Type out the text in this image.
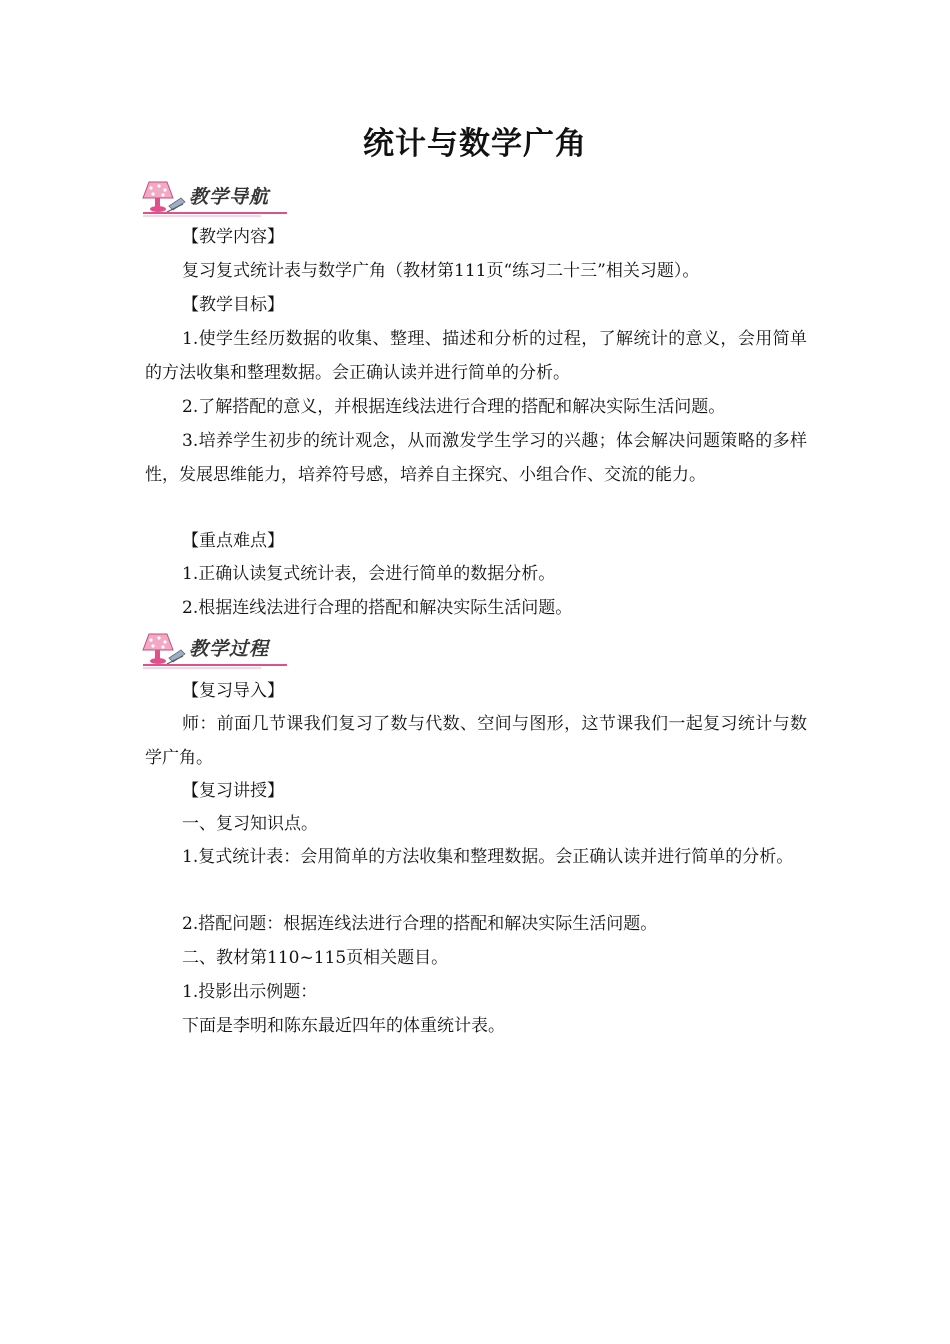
统计与数学广角
教学导航
【教学内容】
复习复式统计表与数学广角（教材第111页“练习二十三”相关习题）。
【教学目标】
1.使学生经历数据的收集、整理、描述和分析的过程，了解统计的意义，会用简单的方法收集和整理数据。会正确认读并进行简单的分析。
2.了解搭配的意义，并根据连线法进行合理的搭配和解决实际生活问题。
3.培养学生初步的统计观念，从而激发学生学习的兴趣；体会解决问题策略的多样性，发展思维能力，培养符号感，培养自主探究、小组合作、交流的能力。
【重点难点】
1.正确认读复式统计表，会进行简单的数据分析。
2.根据连线法进行合理的搭配和解决实际生活问题。
教学过程
【复习导入】
师：前面几节课我们复习了数与代数、空间与图形，这节课我们一起复习统计与数学广角。
【复习讲授】
一、复习知识点。
1.复式统计表：会用简单的方法收集和整理数据。会正确认读并进行简单的分析。
2.搭配问题：根据连线法进行合理的搭配和解决实际生活问题。
二、教材第110~115页相关题目。
1.投影出示例题：
下面是李明和陈东最近四年的体重统计表。
